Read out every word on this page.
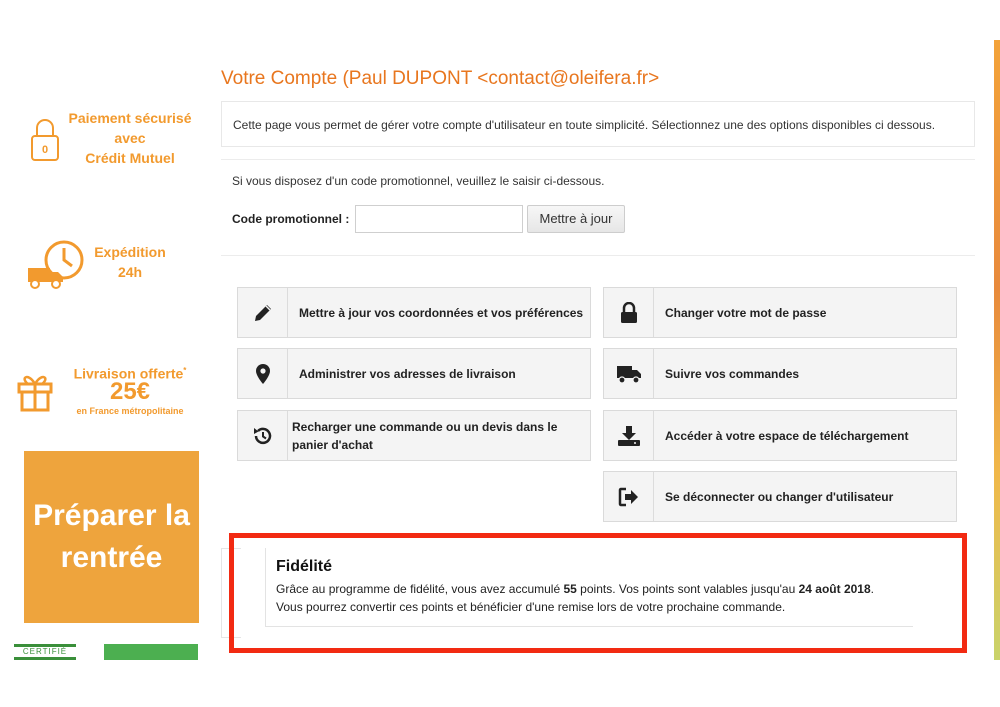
0
Paiement sécurisé
avec
Crédit Mutuel
Expédition
24h
Livraison offerte*
25€
en France métropolitaine
Préparer la
rentrée
CERTIFIÉ
Votre Compte (Paul DUPONT <contact@oleifera.fr>
Cette page vous permet de gérer votre compte d'utilisateur en toute simplicité. Sélectionnez une des options disponibles ci dessous.
Si vous disposez d'un code promotionnel, veuillez le saisir ci-dessous.
Code promotionnel :	Mettre à jour
Mettre à jour vos coordonnées et vos préférences	Changer votre mot de passe
Administrer vos adresses de livraison	Suivre vos commandes
Recharger une commande ou un devis dans le panier d'achat
Accéder à votre espace de téléchargement
Se déconnecter ou changer d'utilisateur
Fidélité
Grâce au programme de fidélité, vous avez accumulé 55 points. Vos points sont valables jusqu'au 24 août 2018.
Vous pourrez convertir ces points et bénéficier d'une remise lors de votre prochaine commande.
